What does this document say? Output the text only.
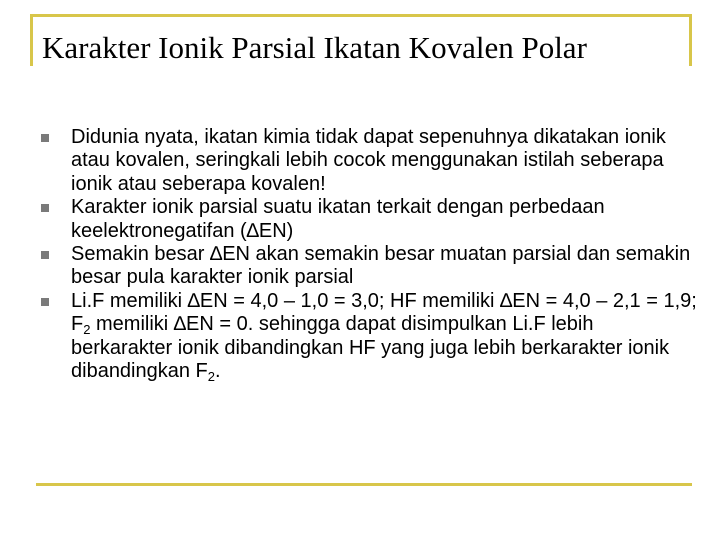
Karakter Ionik Parsial Ikatan Kovalen Polar
Didunia nyata, ikatan kimia tidak dapat sepenuhnya dikatakan ionik atau kovalen, seringkali lebih cocok menggunakan istilah seberapa ionik atau seberapa kovalen!
Karakter ionik parsial suatu ikatan terkait dengan perbedaan keelektronegatifan (∆EN)
Semakin besar ∆EN akan semakin besar muatan parsial dan semakin besar pula karakter ionik parsial
Li.F memiliki ∆EN = 4,0 – 1,0 = 3,0; HF memiliki ∆EN = 4,0 – 2,1 = 1,9; $F_2$ memiliki ∆EN = 0. sehingga dapat disimpulkan Li.F lebih berkarakter ionik dibandingkan HF yang juga lebih berkarakter ionik dibandingkan $F_2$.
